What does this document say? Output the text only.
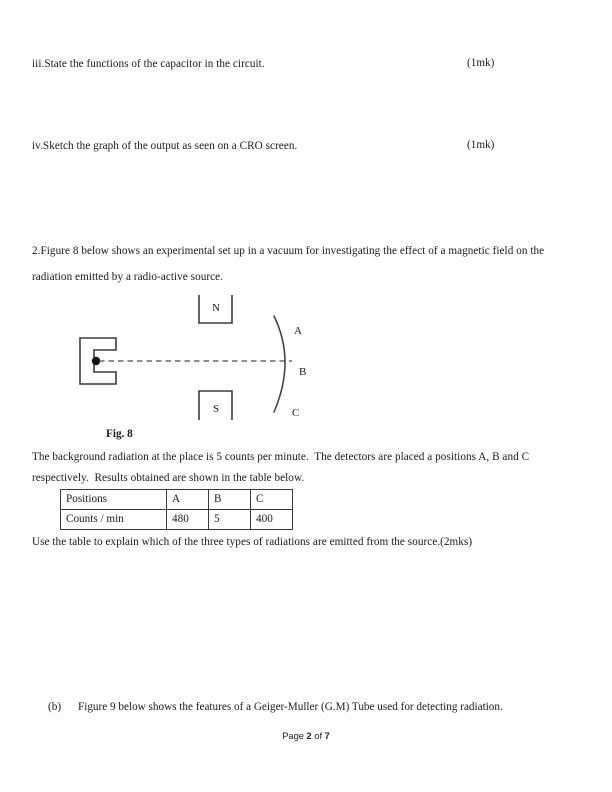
iii.State the functions of the capacitor in the circuit.	(1mk)
iv.Sketch the graph of the output as seen on a CRO screen.	(1mk)
2.Figure 8 below shows an experimental set up in a vacuum for investigating the effect of a magnetic field on the
radiation emitted by a radio-active source.
N
S
A
B
C
Fig. 8
The background radiation at the place is 5 counts per minute.  The detectors are placed a positions A, B and C
respectively.  Results obtained are shown in the table below.
Positions	A	B	C
Counts / min	480	5	400
Use the table to explain which of the three types of radiations are emitted from the source.(2mks)
(b) Figure 9 below shows the features of a Geiger-Muller (G.M) Tube used for detecting radiation.
Page 2 of 7
